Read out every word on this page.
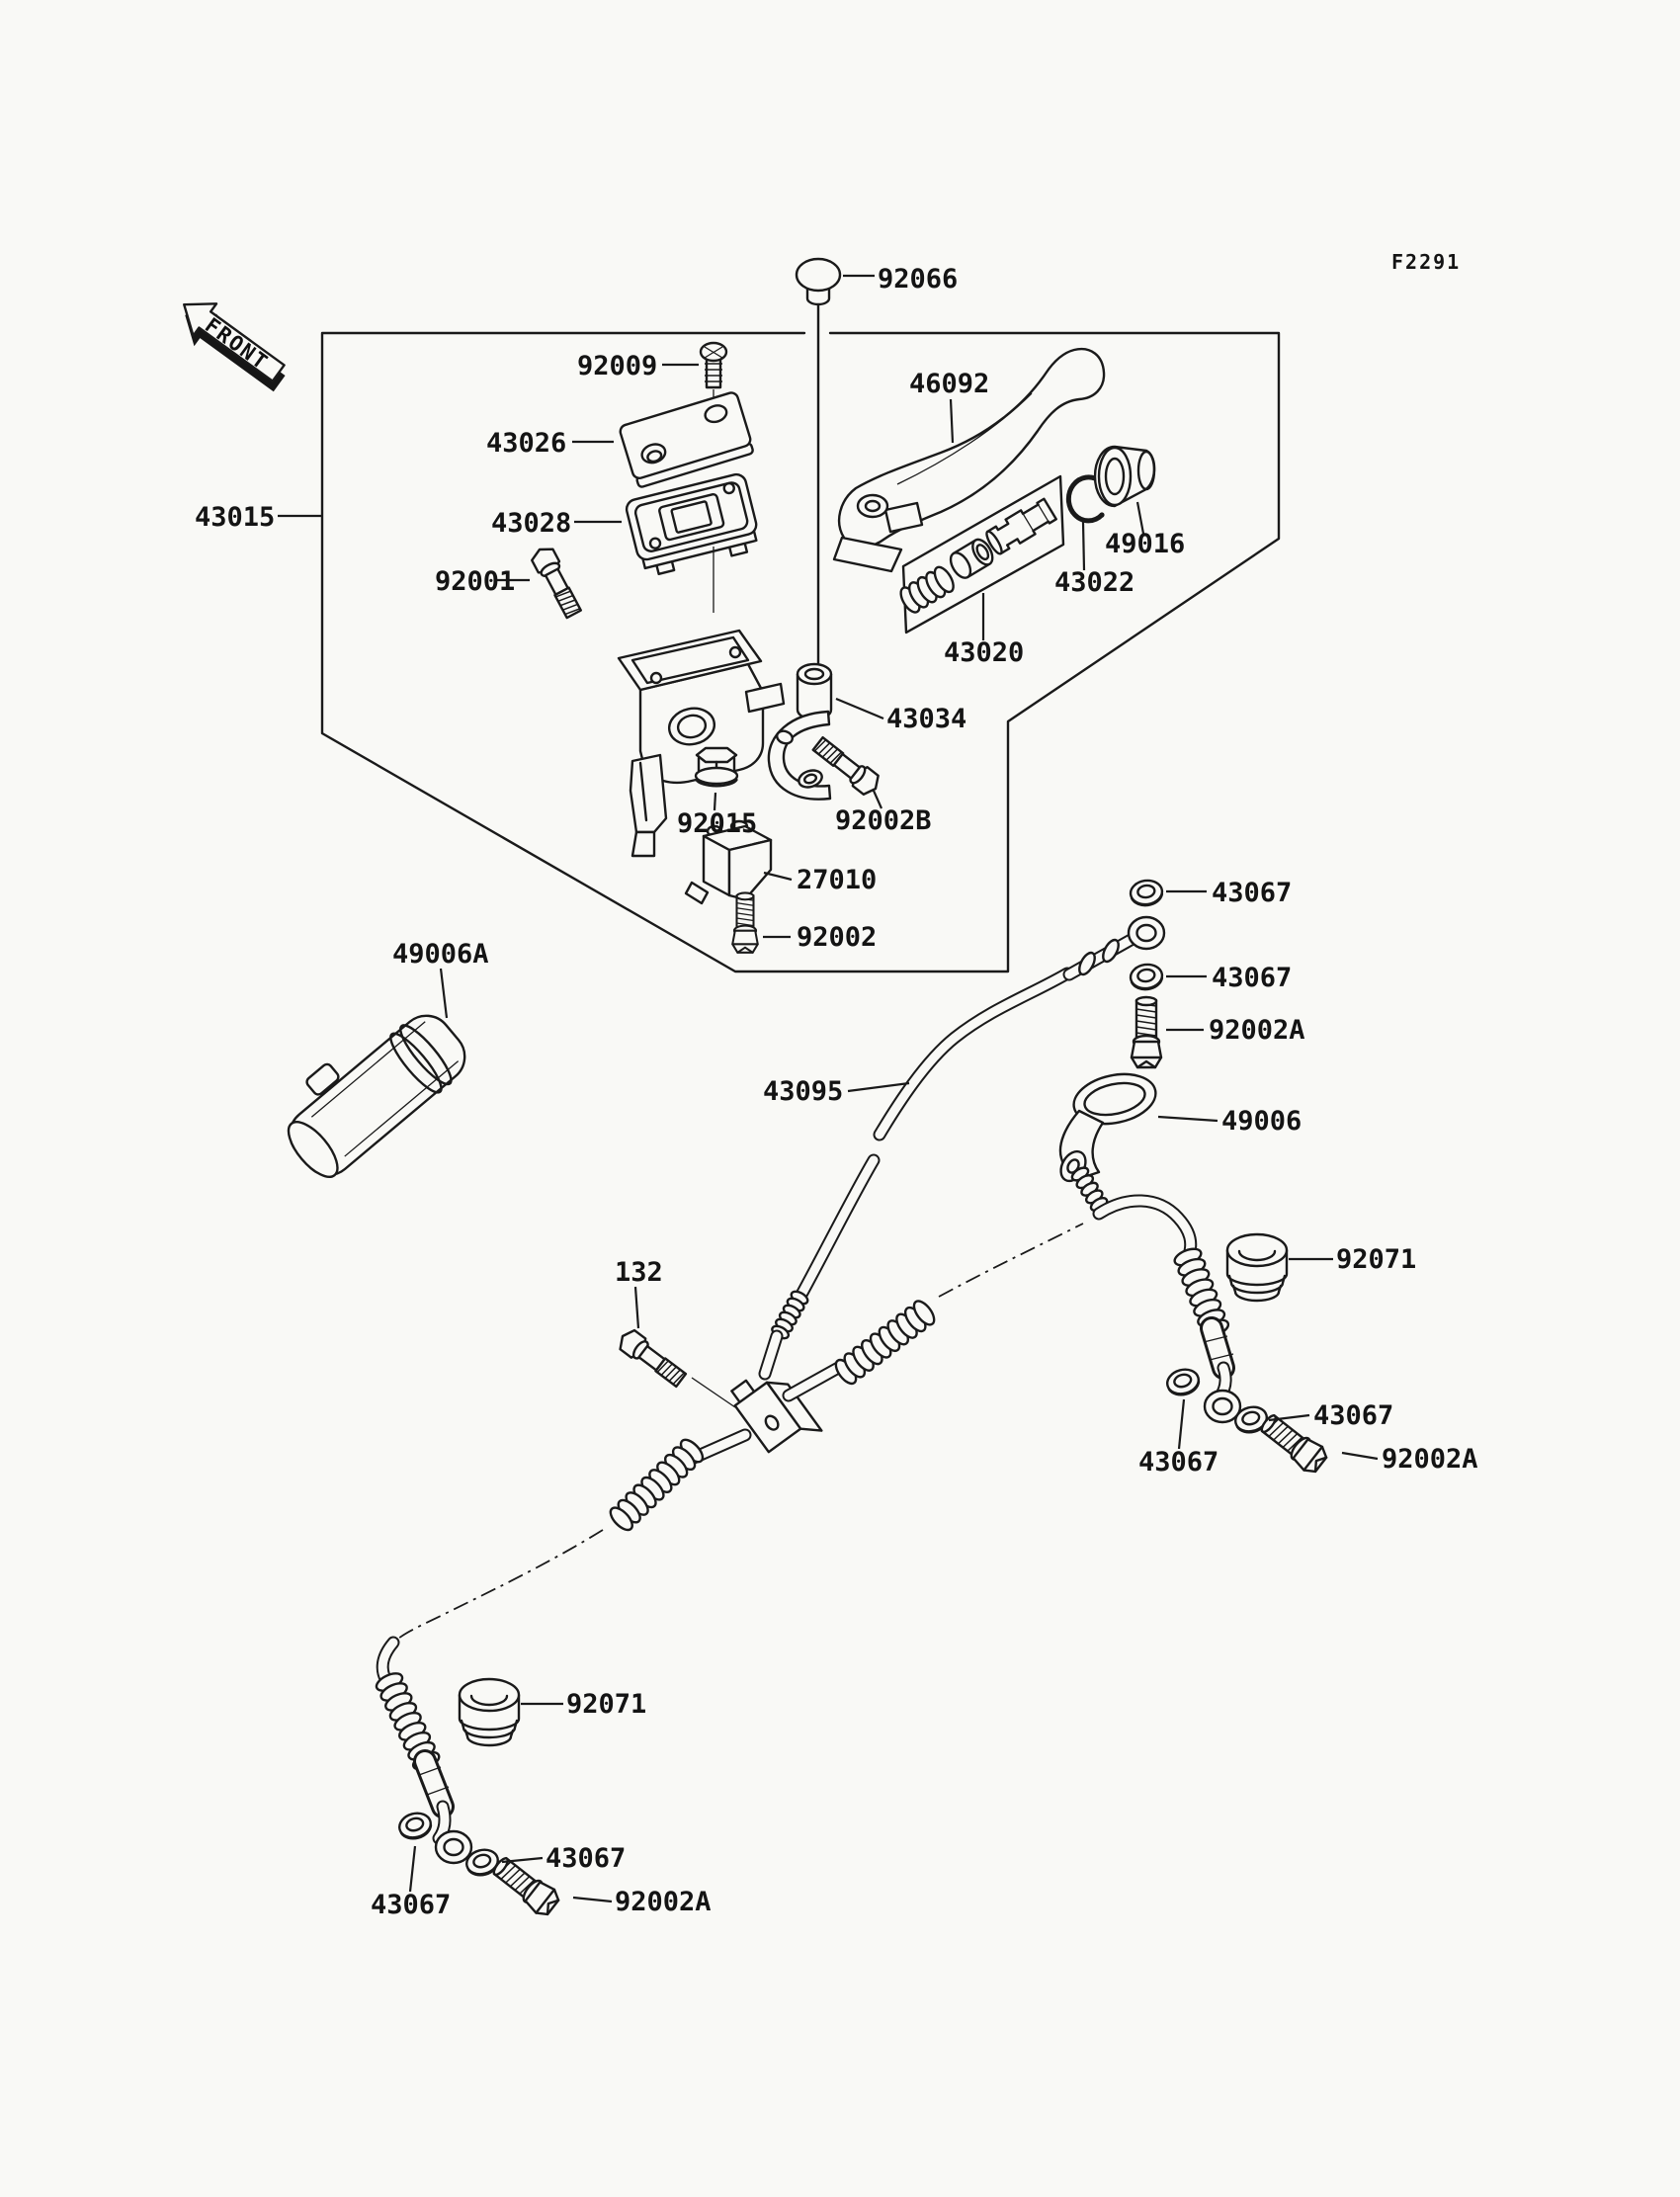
FRONT
F2291
92066
92009
43026
43028
43015
92001
46092
49016
43022
43020
43034
92002B
92015
27010
92002
49006A
43067
43067
92002A
43095
49006
132	92071
43067
43067	92002A
92071
43067
43067	92002A
